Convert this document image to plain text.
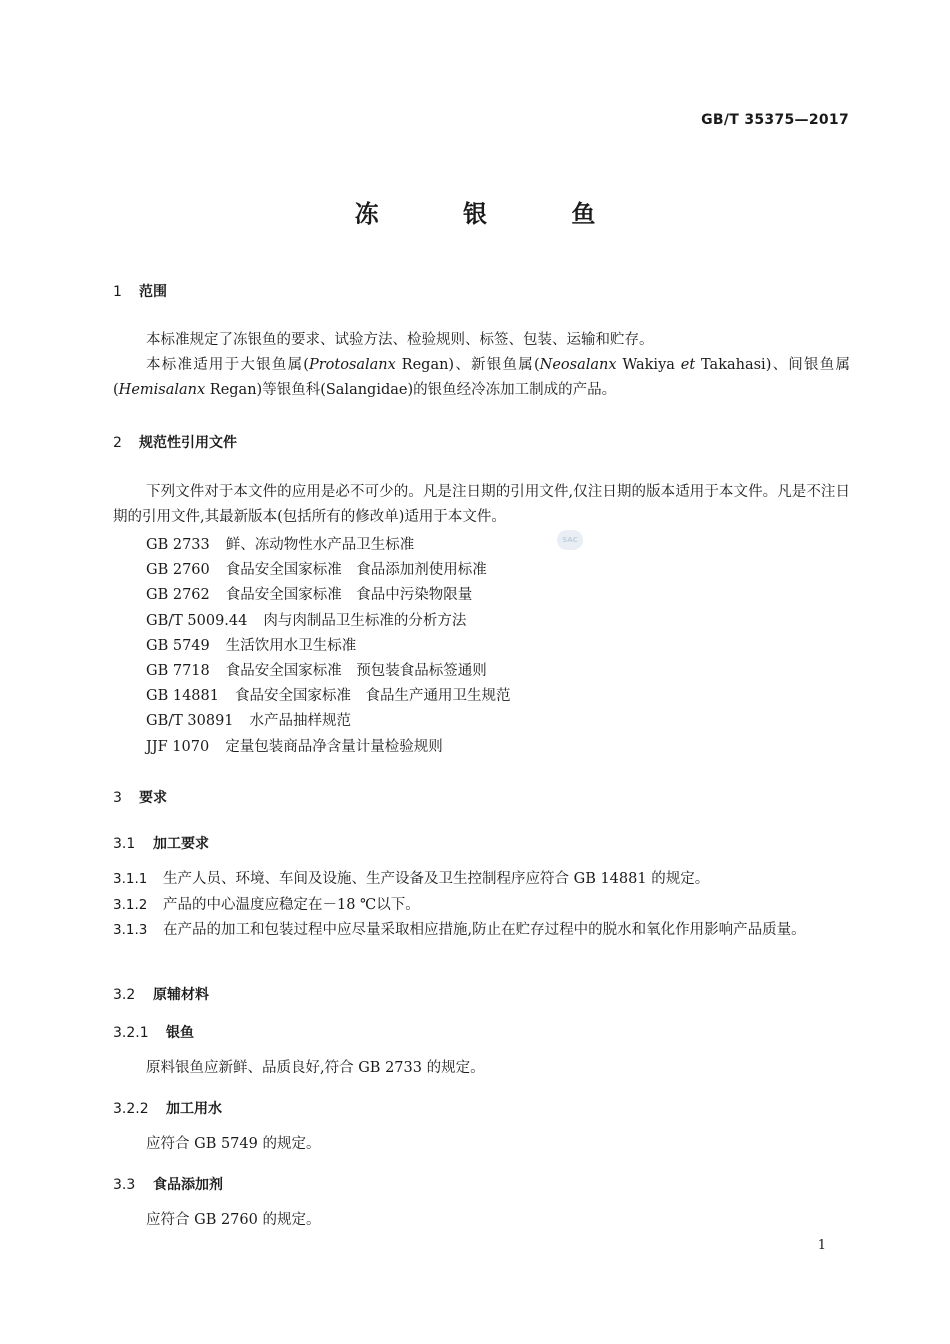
GB/T 35375—2017
冻 银 鱼
1 范围
本标准规定了冻银鱼的要求、试验方法、检验规则、标签、包装、运输和贮存。
本标准适用于大银鱼属(Protosalanx Regan)、新银鱼属(Neosalanx Wakiya et Takahasi)、间银鱼属(Hemisalanx Regan)等银鱼科(Salangidae)的银鱼经冷冻加工制成的产品。
2 规范性引用文件
下列文件对于本文件的应用是必不可少的。凡是注日期的引用文件,仅注日期的版本适用于本文件。凡是不注日期的引用文件,其最新版本(包括所有的修改单)适用于本文件。
SAC
GB 2733 鲜、冻动物性水产品卫生标准
GB 2760 食品安全国家标准　食品添加剂使用标准
GB 2762 食品安全国家标准　食品中污染物限量
GB/T 5009.44 肉与肉制品卫生标准的分析方法
GB 5749 生活饮用水卫生标准
GB 7718 食品安全国家标准　预包装食品标签通则
GB 14881 食品安全国家标准　食品生产通用卫生规范
GB/T 30891 水产品抽样规范
JJF 1070 定量包装商品净含量计量检验规则
3 要求
3.1 加工要求
3.1.1 生产人员、环境、车间及设施、生产设备及卫生控制程序应符合 GB 14881 的规定。
3.1.2 产品的中心温度应稳定在－18 ℃以下。
3.1.3 在产品的加工和包装过程中应尽量采取相应措施,防止在贮存过程中的脱水和氧化作用影响产品质量。
3.2 原辅材料
3.2.1 银鱼
原料银鱼应新鲜、品质良好,符合 GB 2733 的规定。
3.2.2 加工用水
应符合 GB 5749 的规定。
3.3 食品添加剂
应符合 GB 2760 的规定。
1
